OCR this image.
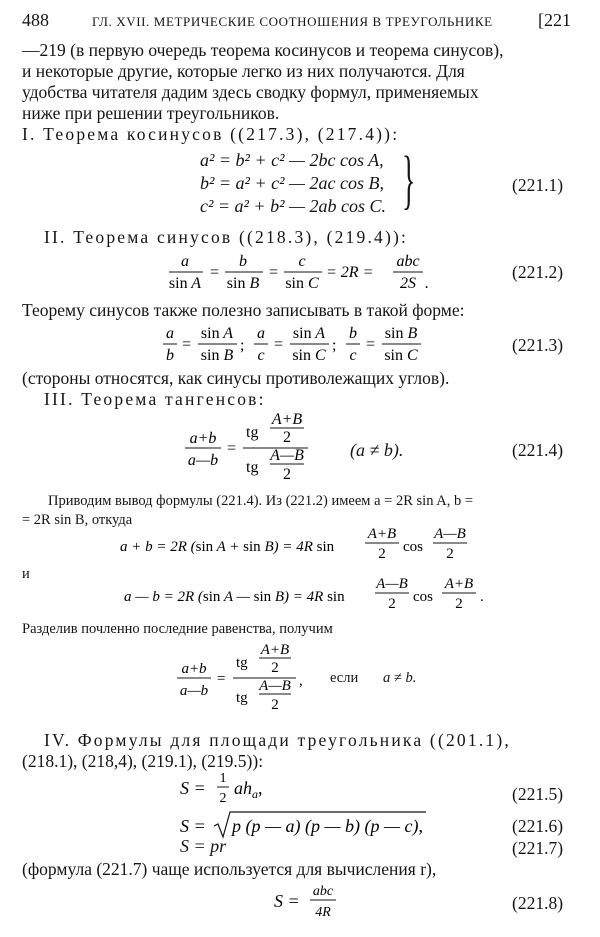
488	ГЛ. XVII. МЕТРИЧЕСКИЕ СООТНОШЕНИЯ В ТРЕУГОЛЬНИКЕ	[221
—219 (в первую очередь теорема косинусов и теорема синусов),
и некоторые другие, которые легко из них получаются. Для
удобства читателя дадим здесь сводку формул, применяемых
ниже при решении треугольников.
I. Теорема косинусов ((217.3), (217.4)):
a² = b² + c² — 2bc cos A,
b² = a² + c² — 2ac cos B,
c² = a² + b² — 2ab cos C. }	(221.1)
II. Теорема синусов ((218.3), (219.4)):
a
sin A
=
b
sin B
=
c
sin C
= 2R =
abc
2S .
(221.2)
Теорему синусов также полезно записывать в такой форме:
a
b
=
sin A
sin B
;
a
c
=
sin A
sin C
;
b
c
=
sin B
sin C
(221.3)
(стороны относятся, как синусы противолежащих углов).
III. Теорема тангенсов:
a+b
a—b
=
tg
A+B
2
tg
A—B
2
(a ≠ b).	(221.4)
Приводим вывод формулы (221.4). Из (221.2) имеем a = 2R sin A, b =
= 2R sin B, откуда
a + b = 2R (sin A + sin B) = 4R sin
A+B
2 cos
A—B
2
и
a — b = 2R (sin A — sin B) = 4R sin
A—B
2 cos
A+B
2 .
Разделив почленно последние равенства, получим
a+b
a—b
=
tg
A+B
2
tg
A—B
2
, если a ≠ b.
IV. Формулы для площади треугольника ((201.1),
(218.1), (218,4), (219.1), (219.5)):
S = 1
2
$ah_a$,	(221.5)
S = p (p — a) (p — b) (p — c),	(221.6)
S = pr	(221.7)
(формула (221.7) чаще используется для вычисления r),
S = abc
4R	(221.8)
